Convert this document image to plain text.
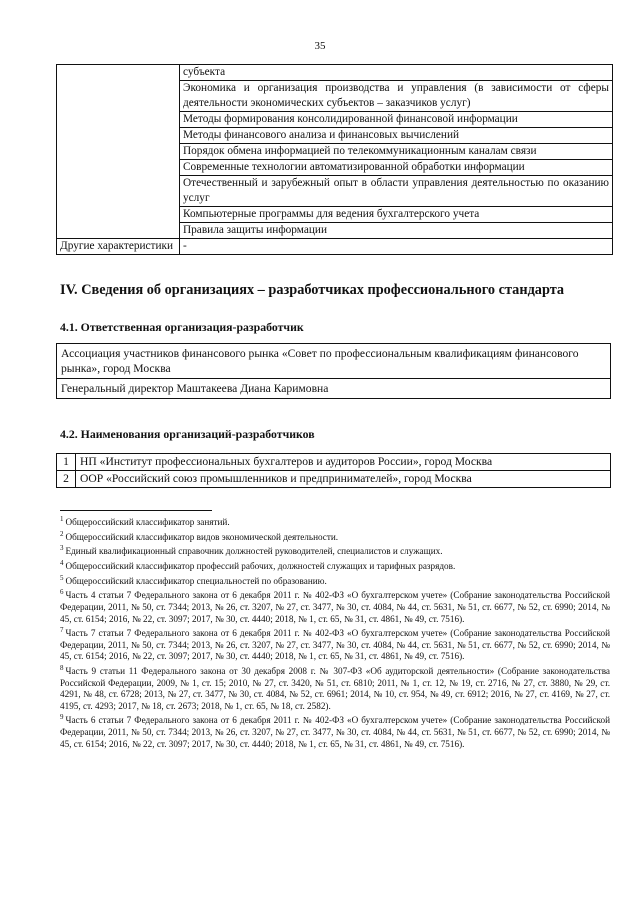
35
	субъекта
	Экономика и организация производства и управления (в зависимости от сферы деятельности экономических субъектов – заказчиков услуг)
	Методы формирования консолидированной финансовой информации
	Методы финансового анализа и финансовых вычислений
	Порядок обмена информацией по телекоммуникационным каналам связи
	Современные технологии автоматизированной обработки информации
	Отечественный и зарубежный опыт в области управления деятельностью по оказанию услуг
	Компьютерные программы для ведения бухгалтерского учета
	Правила защиты информации
Другие характеристики	-
IV. Сведения об организациях – разработчиках профессионального стандарта
4.1. Ответственная организация-разработчик
Ассоциация участников финансового рынка «Совет по профессиональным квалификациям финансового рынка», город Москва
Генеральный директор Маштакеева Диана Каримовна
4.2. Наименования организаций-разработчиков
1	НП «Институт профессиональных бухгалтеров и аудиторов России», город Москва
2	ООР «Российский союз промышленников и предпринимателей», город Москва

$^1$ Общероссийский классификатор занятий.

$^2$ Общероссийский классификатор видов экономической деятельности.

$^3$ Единый квалификационный справочник должностей руководителей, специалистов и служащих.

$^4$ Общероссийский классификатор профессий рабочих, должностей служащих и тарифных разрядов.

$^5$ Общероссийский классификатор специальностей по образованию.

$^6$ Часть 4 статьи 7 Федерального закона от 6 декабря 2011 г. № 402-ФЗ «О бухгалтерском учете» (Собрание законодательства Российской Федерации, 2011, № 50, ст. 7344; 2013, № 26, ст. 3207, № 27, ст. 3477, № 30, ст. 4084, № 44, ст. 5631, № 51, ст. 6677, № 52, ст. 6990; 2014, № 45, ст. 6154; 2016, № 22, ст. 3097; 2017, № 30, ст. 4440; 2018, № 1, ст. 65, № 31, ст. 4861, № 49, ст. 7516).

$^7$ Часть 7 статьи 7 Федерального закона от 6 декабря 2011 г. № 402-ФЗ «О бухгалтерском учете» (Собрание законодательства Российской Федерации, 2011, № 50, ст. 7344; 2013, № 26, ст. 3207, № 27, ст. 3477, № 30, ст. 4084, № 44, ст. 5631, № 51, ст. 6677, № 52, ст. 6990; 2014, № 45, ст. 6154; 2016, № 22, ст. 3097; 2017, № 30, ст. 4440; 2018, № 1, ст. 65, № 31, ст. 4861, № 49, ст. 7516).

$^8$ Часть 9 статьи 11 Федерального закона от 30 декабря 2008 г. № 307-ФЗ «Об аудиторской деятельности» (Собрание законодательства Российской Федерации, 2009, № 1, ст. 15; 2010, № 27, ст. 3420, № 51, ст. 6810; 2011, № 1, ст. 12, № 19, ст. 2716, № 27, ст. 3880, № 29, ст. 4291, № 48, ст. 6728; 2013, № 27, ст. 3477, № 30, ст. 4084, № 52, ст. 6961; 2014, № 10, ст. 954, № 49, ст. 6912; 2016, № 27, ст. 4169, № 27, ст. 4195, ст. 4293; 2017, № 18, ст. 2673; 2018, № 1, ст. 65, № 18, ст. 2582).

$^9$ Часть 6 статьи 7 Федерального закона от 6 декабря 2011 г. № 402-ФЗ «О бухгалтерском учете» (Собрание законодательства Российской Федерации, 2011, № 50, ст. 7344; 2013, № 26, ст. 3207, № 27, ст. 3477, № 30, ст. 4084, № 44, ст. 5631, № 51, ст. 6677, № 52, ст. 6990; 2014, № 45, ст. 6154; 2016, № 22, ст. 3097; 2017, № 30, ст. 4440; 2018, № 1, ст. 65, № 31, ст. 4861, № 49, ст. 7516).
